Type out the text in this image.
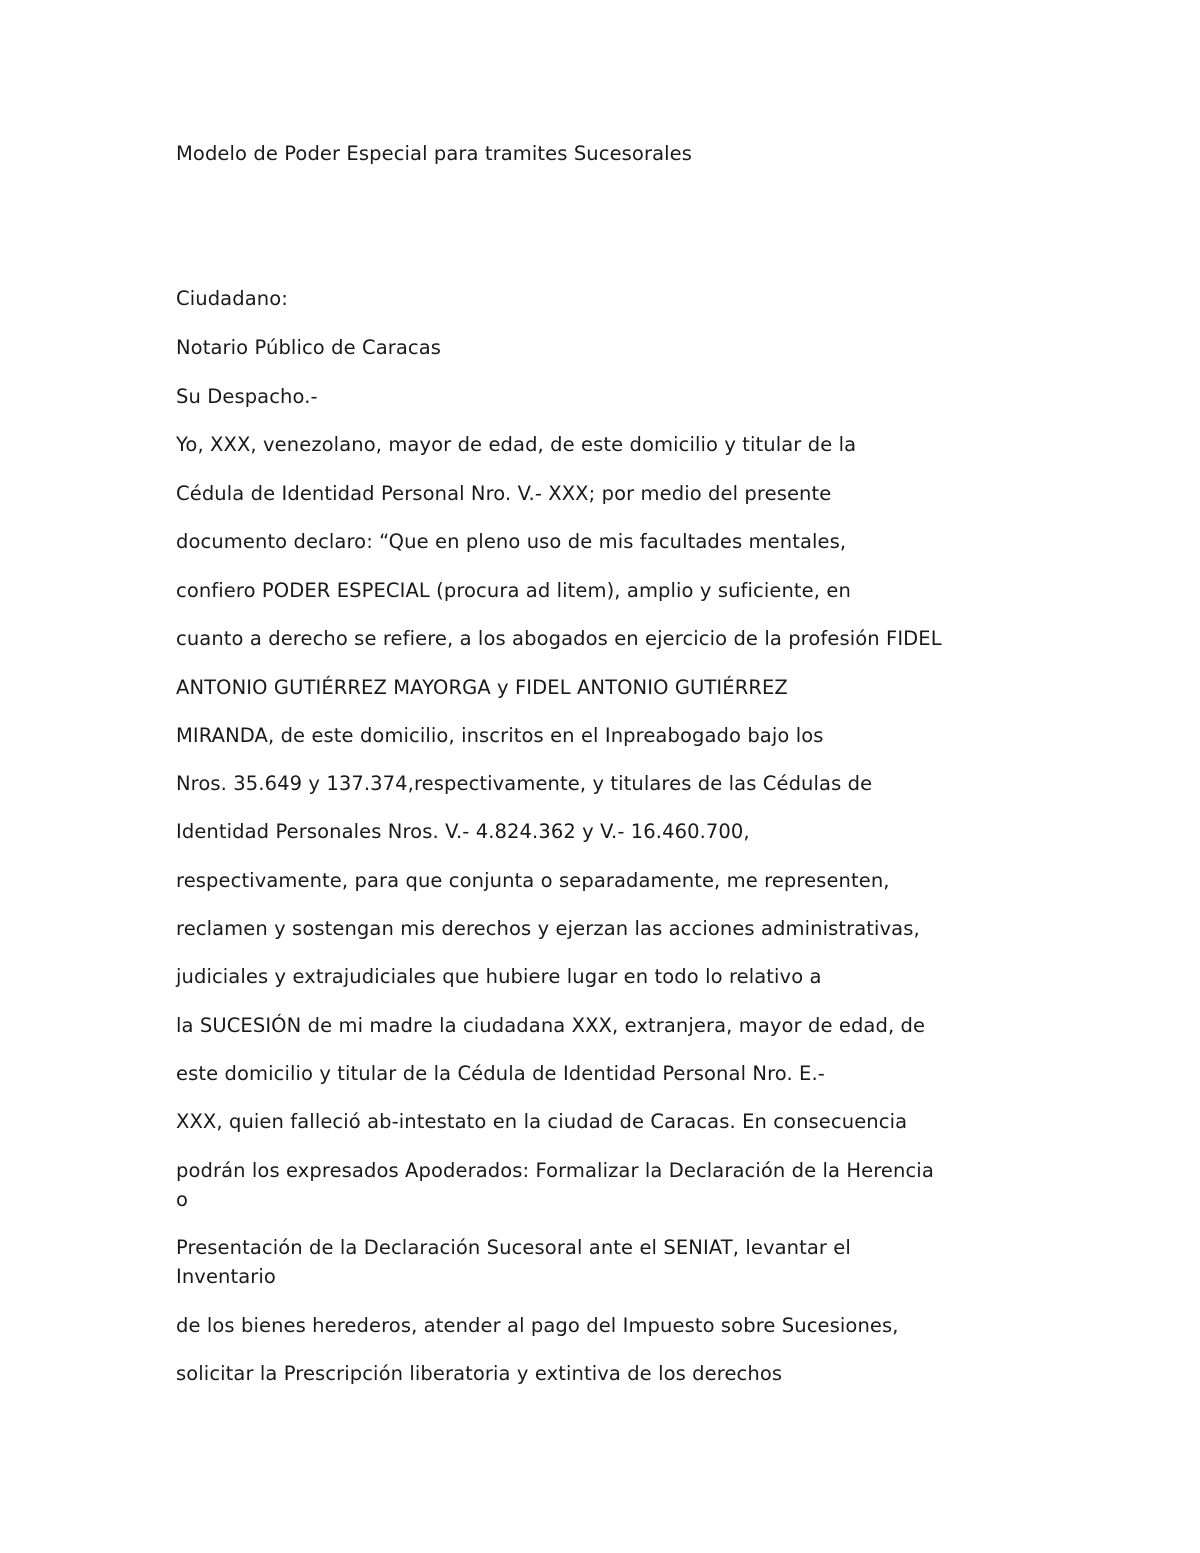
Modelo de Poder Especial para tramites Sucesorales
Ciudadano:
Notario Público de Caracas
Su Despacho.-
Yo, XXX, venezolano, mayor de edad, de este domicilio y titular de la
Cédula de Identidad Personal Nro. V.- XXX; por medio del presente
documento declaro: “Que en pleno uso de mis facultades mentales,
confiero PODER ESPECIAL (procura ad litem), amplio y suficiente, en
cuanto a derecho se refiere, a los abogados en ejercicio de la profesión FIDEL
ANTONIO GUTIÉRREZ MAYORGA y FIDEL ANTONIO GUTIÉRREZ
MIRANDA, de este domicilio, inscritos en el Inpreabogado bajo los
Nros. 35.649 y 137.374,respectivamente, y titulares de las Cédulas de
Identidad Personales Nros. V.- 4.824.362 y V.- 16.460.700,
respectivamente, para que conjunta o separadamente, me representen,
reclamen y sostengan mis derechos y ejerzan las acciones administrativas,
judiciales y extrajudiciales que hubiere lugar en todo lo relativo a
la SUCESIÓN de mi madre la ciudadana XXX, extranjera, mayor de edad, de
este domicilio y titular de la Cédula de Identidad Personal Nro. E.-
XXX, quien falleció ab-intestato en la ciudad de Caracas. En consecuencia
podrán los expresados Apoderados: Formalizar la Declaración de la Herencia
o
Presentación de la Declaración Sucesoral ante el SENIAT, levantar el
Inventario
de los bienes herederos, atender al pago del Impuesto sobre Sucesiones,
solicitar la Prescripción liberatoria y extintiva de los derechos
